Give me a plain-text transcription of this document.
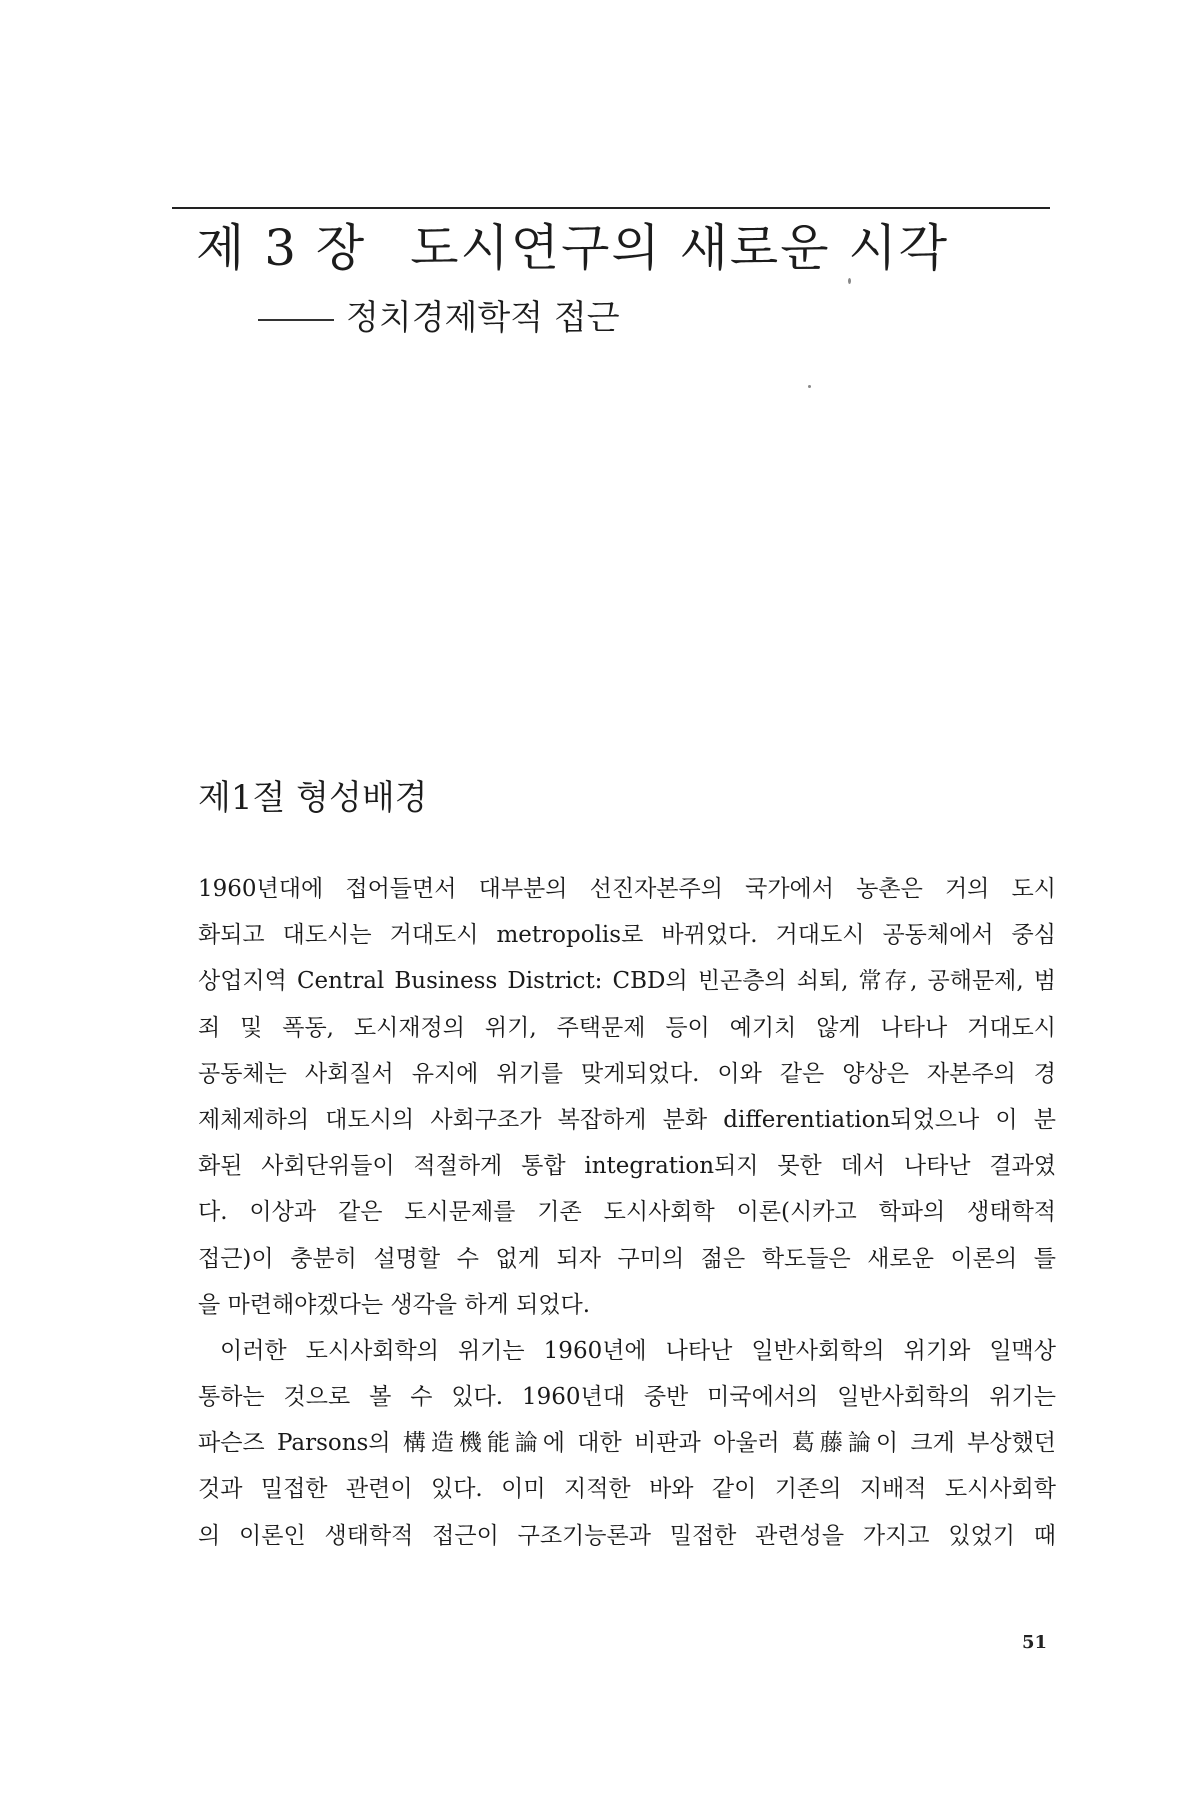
제 3 장 도시연구의 새로운 시각
정치경제학적 접근
제1절 형성배경
1960년대에 접어들면서 대부분의 선진자본주의 국가에서 농촌은 거의 도시
화되고 대도시는 거대도시 metropolis로 바뀌었다. 거대도시 공동체에서 중심
상업지역 Central Business District: CBD의 빈곤층의 쇠퇴, 常存, 공해문제, 범
죄 및 폭동, 도시재정의 위기, 주택문제 등이 예기치 않게 나타나 거대도시
공동체는 사회질서 유지에 위기를 맞게되었다. 이와 같은 양상은 자본주의 경
제체제하의 대도시의 사회구조가 복잡하게 분화 differentiation되었으나 이 분
화된 사회단위들이 적절하게 통합 integration되지 못한 데서 나타난 결과였
다. 이상과 같은 도시문제를 기존 도시사회학 이론(시카고 학파의 생태학적
접근)이 충분히 설명할 수 없게 되자 구미의 젊은 학도들은 새로운 이론의 틀
을 마련해야겠다는 생각을 하게 되었다.
이러한 도시사회학의 위기는 1960년에 나타난 일반사회학의 위기와 일맥상
통하는 것으로 볼 수 있다. 1960년대 중반 미국에서의 일반사회학의 위기는
파슨즈 Parsons의 構造機能論에 대한 비판과 아울러 葛藤論이 크게 부상했던
것과 밀접한 관련이 있다. 이미 지적한 바와 같이 기존의 지배적 도시사회학
의 이론인 생태학적 접근이 구조기능론과 밀접한 관련성을 가지고 있었기 때
51
